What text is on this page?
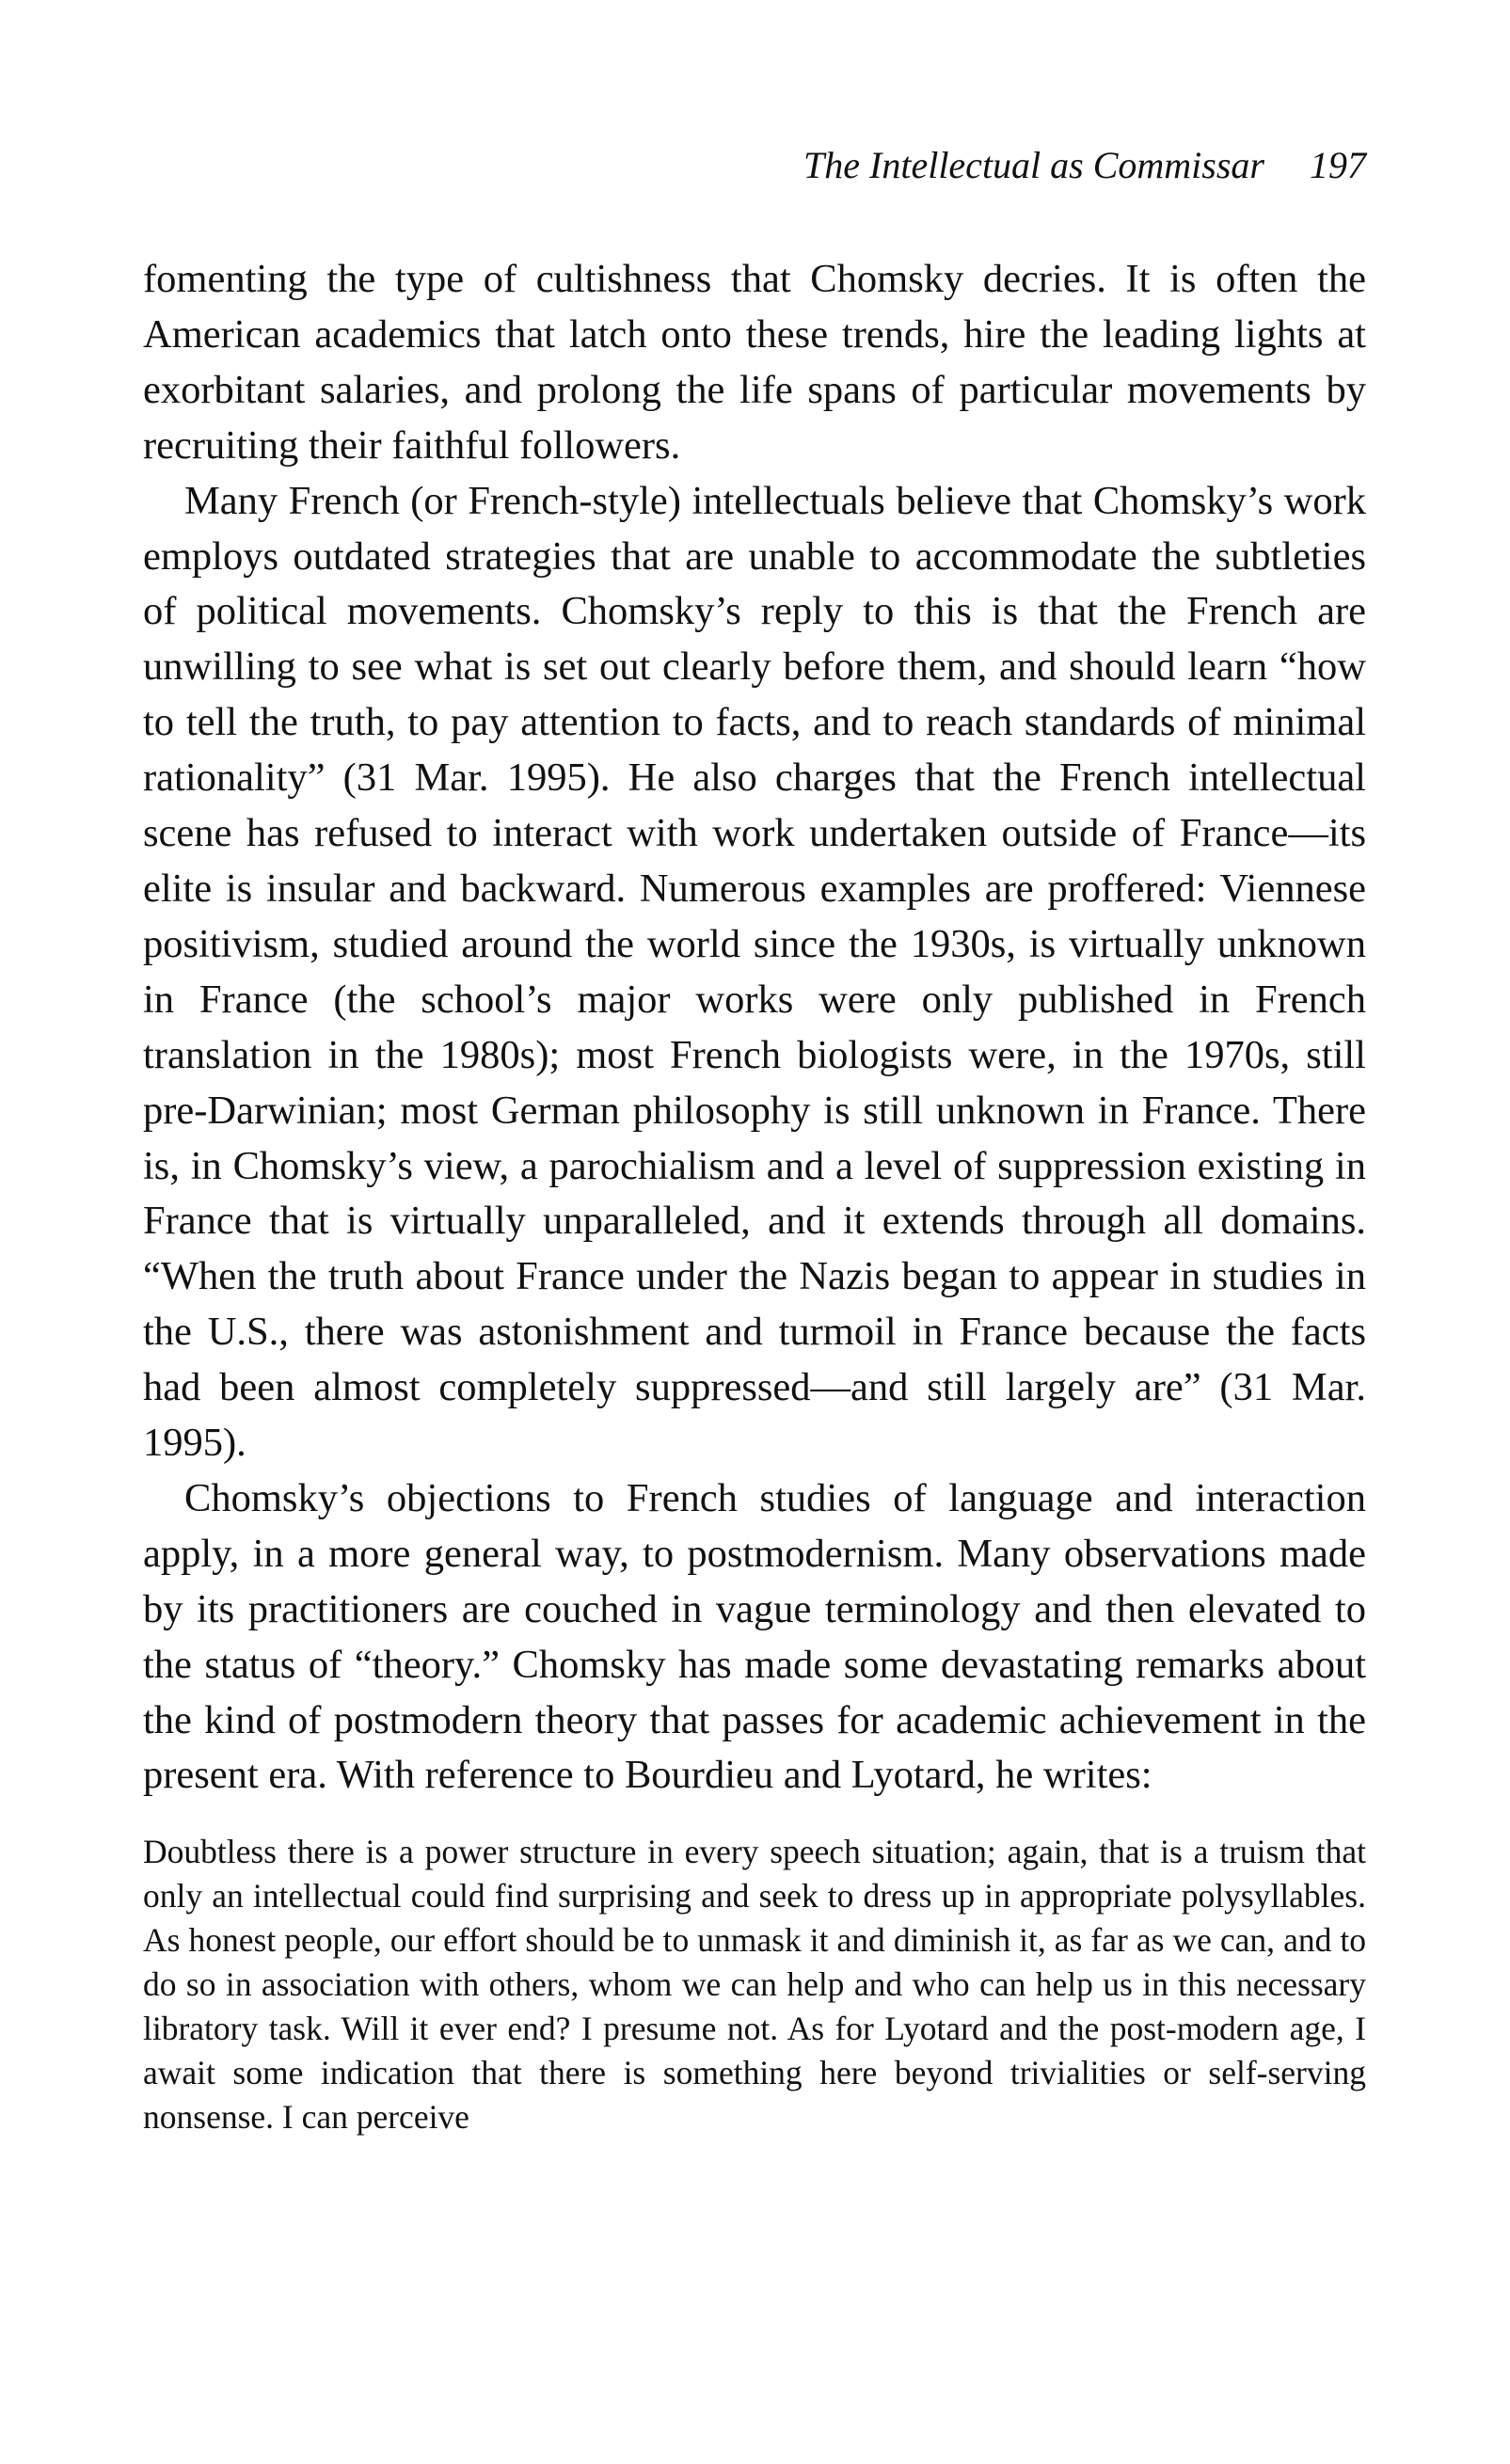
The Intellectual as Commissar 197

fomenting the type of cultishness that Chomsky decries. It is often the American academics that latch onto these trends, hire the leading lights at exorbitant salaries, and prolong the life spans of particular movements by recruiting their faithful followers.

Many French (or French-style) intellectuals believe that Chomsky’s work employs outdated strategies that are unable to accommodate the subtleties of political movements. Chomsky’s reply to this is that the French are unwilling to see what is set out clearly before them, and should learn “how to tell the truth, to pay attention to facts, and to reach standards of minimal rationality” (31 Mar. 1995). He also charges that the French intellectual scene has refused to interact with work undertaken outside of France—its elite is insular and backward. Numerous examples are proffered: Viennese positivism, studied around the world since the 1930s, is virtually unknown in France (the school’s major works were only published in French translation in the 1980s); most French biologists were, in the 1970s, still pre-Darwinian; most German philosophy is still unknown in France. There is, in Chomsky’s view, a parochialism and a level of suppression existing in France that is virtually unparalleled, and it extends through all domains. “When the truth about France under the Nazis began to appear in studies in the U.S., there was astonishment and turmoil in France because the facts had been almost completely suppressed—and still largely are” (31 Mar. 1995).

Chomsky’s objections to French studies of language and interaction apply, in a more general way, to postmodernism. Many observations made by its practitioners are couched in vague terminology and then elevated to the status of “theory.” Chomsky has made some devastating remarks about the kind of postmodern theory that passes for academic achievement in the present era. With reference to Bourdieu and Lyotard, he writes:

Doubtless there is a power structure in every speech situation; again, that is a truism that only an intellectual could find surprising and seek to dress up in appropriate polysyllables. As honest people, our effort should be to unmask it and diminish it, as far as we can, and to do so in association with others, whom we can help and who can help us in this necessary libratory task. Will it ever end? I presume not. As for Lyotard and the post-modern age, I await some indication that there is something here beyond trivialities or self-serving nonsense. I can perceive
